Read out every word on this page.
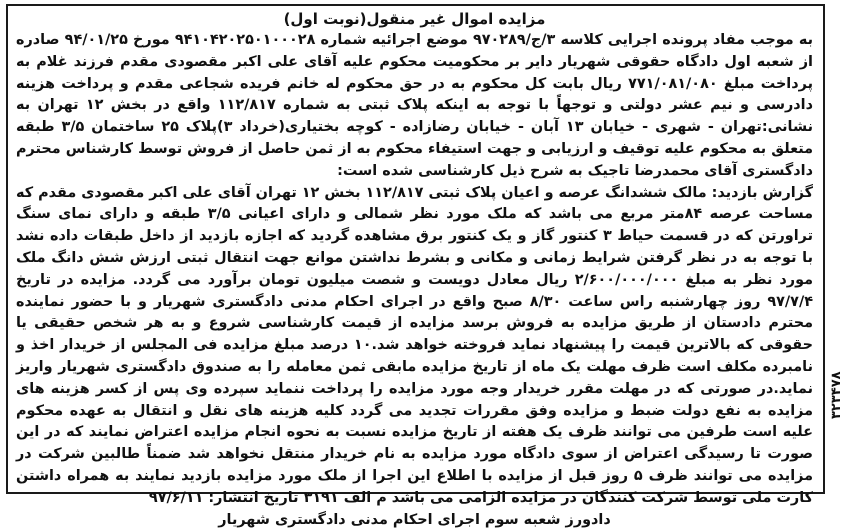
مزایده اموال غیر منقول(نوبت اول)

به موجب مفاد پرونده اجرایی کلاسه ۳/ج/۹۷۰۲۸۹ موضع اجرائیه شماره ۹۴۱۰۴۲۰۲۵۰۱۰۰۰۲۸ مورخ ۹۴/۰۱/۲۵ صادره از شعبه اول دادگاه حقوقی شهریار دایر بر محکومیت محکوم علیه آقای علی اکبر مقصودی مقدم فرزند غلام به پرداخت مبلغ ۷۷۱/۰۸۱/۰۸۰ ریال بابت کل محکوم به در حق محکوم له خانم فریده شجاعی مقدم و پرداخت هزینه دادرسی و نیم عشر دولتی و توجهاً با توجه به اینکه پلاک ثبتی به شماره ۱۱۲/۸۱۷ واقع در بخش ۱۲ تهران به نشانی:تهران - شهری - خیابان ۱۳ آبان - خیابان رضازاده - کوچه بختیاری(خرداد ۳)پلاک ۲۵ ساختمان ۳/۵ طبقه متعلق به محکوم علیه توقیف و ارزیابی و جهت استیفاء محکوم به از ثمن حاصل از فروش توسط کارشناس محترم دادگستری آقای محمدرضا تاجیک به شرح ذیل کارشناسی شده است:

گزارش بازدید: مالک ششدانگ عرصه و اعیان پلاک ثبتی ۱۱۲/۸۱۷ بخش ۱۲ تهران آقای علی اکبر مقصودی مقدم که مساحت عرصه ۸۴متر مربع می باشد که ملک مورد نظر شمالی و دارای اعیانی ۳/۵ طبقه و دارای نمای سنگ تراورتن که در قسمت حیاط ۳ کنتور گاز و یک کنتور برق مشاهده گردید که اجازه بازدید از داخل طبقات داده نشد با توجه به در نظر گرفتن شرایط زمانی و مکانی و بشرط نداشتن موانع جهت انتقال ثبتی ارزش شش دانگ ملک مورد نظر به مبلغ ۲/۶۰۰/۰۰۰/۰۰۰ ریال معادل دویست و شصت میلیون تومان برآورد می گردد. مزایده در تاریخ ۹۷/۷/۴ روز چهارشنبه راس ساعت ۸/۳۰ صبح واقع در اجرای احکام مدنی دادگستری شهریار و با حضور نماینده محترم دادستان از طریق مزایده به فروش برسد مزایده از قیمت کارشناسی شروع و به هر شخص حقیقی یا حقوقی که بالاترین قیمت را پیشنهاد نماید فروخته خواهد شد.۱۰ درصد مبلغ مزایده فی المجلس از خریدار اخذ و نامبرده مکلف است ظرف مهلت یک ماه از تاریخ مزایده مابقی ثمن معامله را به صندوق دادگستری شهریار واریز نماید.در صورتی که در مهلت مقرر خریدار وجه مورد مزایده را پرداخت ننماید سپرده وی پس از کسر هزینه های مزایده به نفع دولت ضبط و مزایده وفق مقررات تجدید می گردد کلیه هزینه های نقل و انتقال به عهده محکوم علیه است طرفین می توانند ظرف یک هفته از تاریخ مزایده نسبت به نحوه انجام مزایده اعتراض نمایند که در این صورت تا رسیدگی اعتراض از سوی دادگاه مورد مزایده به نام خریدار منتقل نخواهد شد ضمناً طالبین شرکت در مزایده می توانند ظرف ۵ روز قبل از مزایده با اطلاع این اجرا از ملک مورد مزایده بازدید نمایند به همراه داشتن کارت ملی توسط شرکت کنندگان در مزایده الزامی می باشد م الف ۳۱۹۱ تاریخ انتشار: ۹۷/۶/۱۱

دادورز شعبه سوم اجرای احکام مدنی دادگستری شهریار

۳۲۳۴۷۸
